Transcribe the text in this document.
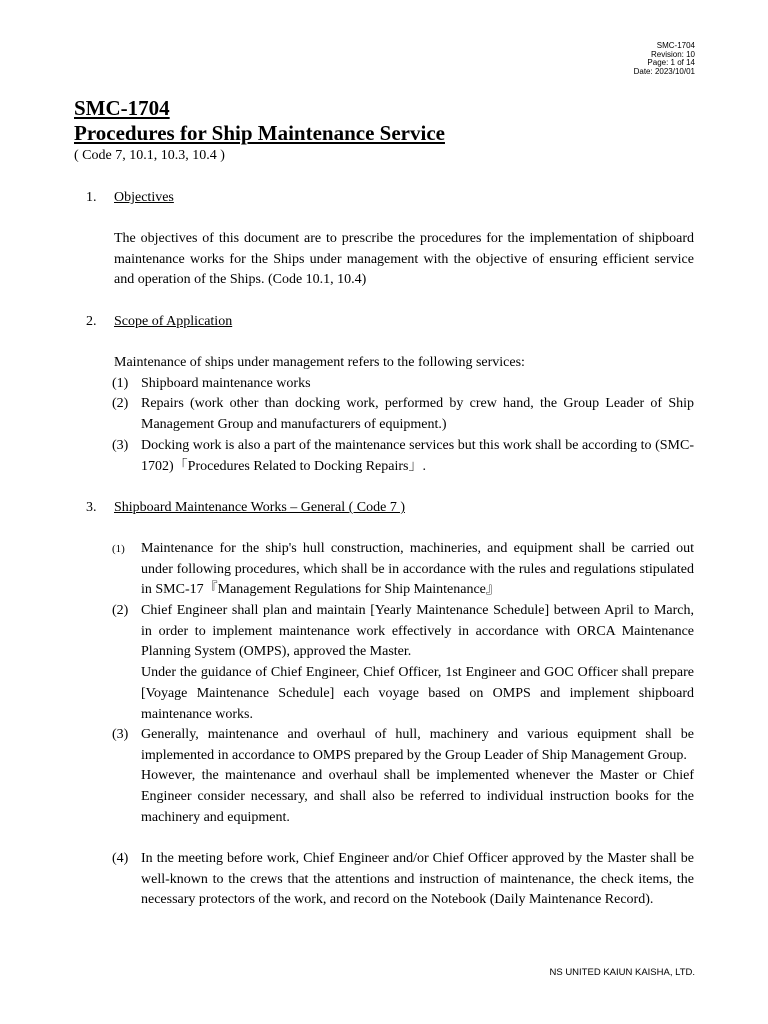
SMC-1704
Revision: 10
Page: 1 of 14
Date: 2023/10/01
SMC-1704
Procedures for Ship Maintenance Service
( Code 7, 10.1, 10.3, 10.4 )
1.	Objectives

The objectives of this document are to prescribe the procedures for the implementation of shipboard maintenance works for the Ships under management with the objective of ensuring efficient service and operation of the Ships. (Code 10.1, 10.4)

2.	Scope of Application

Maintenance of ships under management refers to the following services:

(1) Shipboard maintenance works
(2) Repairs (work other than docking work, performed by crew hand, the Group Leader of Ship Management Group and manufacturers of equipment.)
(3) Docking work is also a part of the maintenance services but this work shall be according to (SMC-1702)「Procedures Related to Docking Repairs」.
3.	Shipboard Maintenance Works – General ( Code 7 )
(1)	Maintenance for the ship's hull construction, machineries, and equipment shall be carried out under following procedures, which shall be in accordance with the rules and regulations stipulated in SMC-17『Management Regulations for Ship Maintenance』
(2) Chief Engineer shall plan and maintain [Yearly Maintenance Schedule] between April to March, in order to implement maintenance work effectively in accordance with ORCA Maintenance Planning System (OMPS), approved the Master.
Under the guidance of Chief Engineer, Chief Officer, 1st Engineer and GOC Officer shall prepare [Voyage Maintenance Schedule] each voyage based on OMPS and implement shipboard maintenance works.
(3) Generally, maintenance and overhaul of hull, machinery and various equipment shall be implemented in accordance to OMPS prepared by the Group Leader of Ship Management Group.
However, the maintenance and overhaul shall be implemented whenever the Master or Chief Engineer consider necessary, and shall also be referred to individual instruction books for the machinery and equipment.
(4) In the meeting before work, Chief Engineer and/or Chief Officer approved by the Master shall be well-known to the crews that the attentions and instruction of maintenance, the check items, the necessary protectors of the work, and record on the Notebook (Daily Maintenance Record).
NS UNITED KAIUN KAISHA, LTD.
